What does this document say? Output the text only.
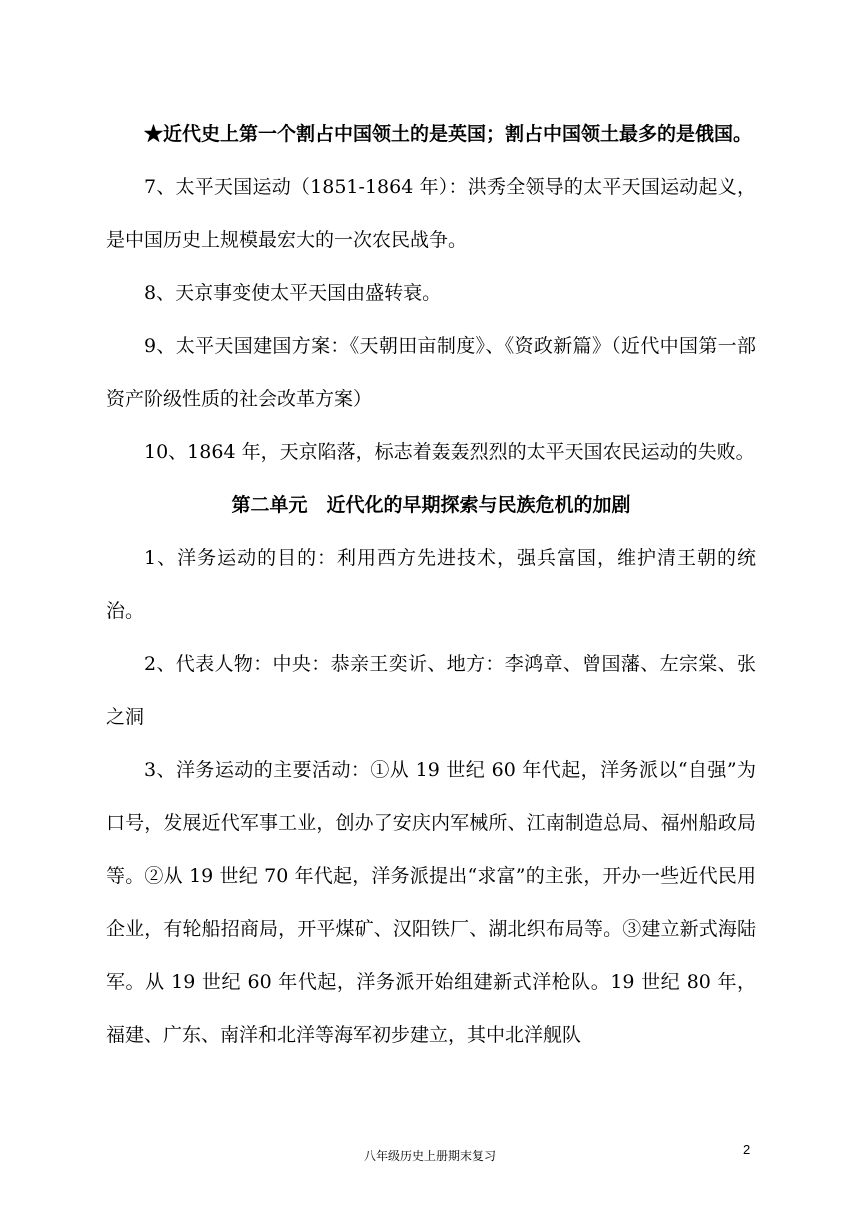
★近代史上第一个割占中国领土的是英国；割占中国领土最多的是俄国。

7、太平天国运动（1851-1864 年）：洪秀全领导的太平天国运动起义，是中国历史上规模最宏大的一次农民战争。

8、天京事变使太平天国由盛转衰。

9、太平天国建国方案：《天朝田亩制度》、《资政新篇》（近代中国第一部资产阶级性质的社会改革方案）

10、1864 年，天京陷落，标志着轰轰烈烈的太平天国农民运动的失败。

第二单元　近代化的早期探索与民族危机的加剧

1、洋务运动的目的：利用西方先进技术，强兵富国，维护清王朝的统治。

2、代表人物：中央：恭亲王奕䜣、地方：李鸿章、曾国藩、左宗棠、张之洞

3、洋务运动的主要活动：①从 19 世纪 60 年代起，洋务派以“自强”为口号，发展近代军事工业，创办了安庆内军械所、江南制造总局、福州船政局等。②从 19 世纪 70 年代起，洋务派提出“求富”的主张，开办一些近代民用企业，有轮船招商局，开平煤矿、汉阳铁厂、湖北织布局等。③建立新式海陆军。从 19 世纪 60 年代起，洋务派开始组建新式洋枪队。19 世纪 80 年，福建、广东、南洋和北洋等海军初步建立，其中北洋舰队

八年级历史上册期末复习	2
